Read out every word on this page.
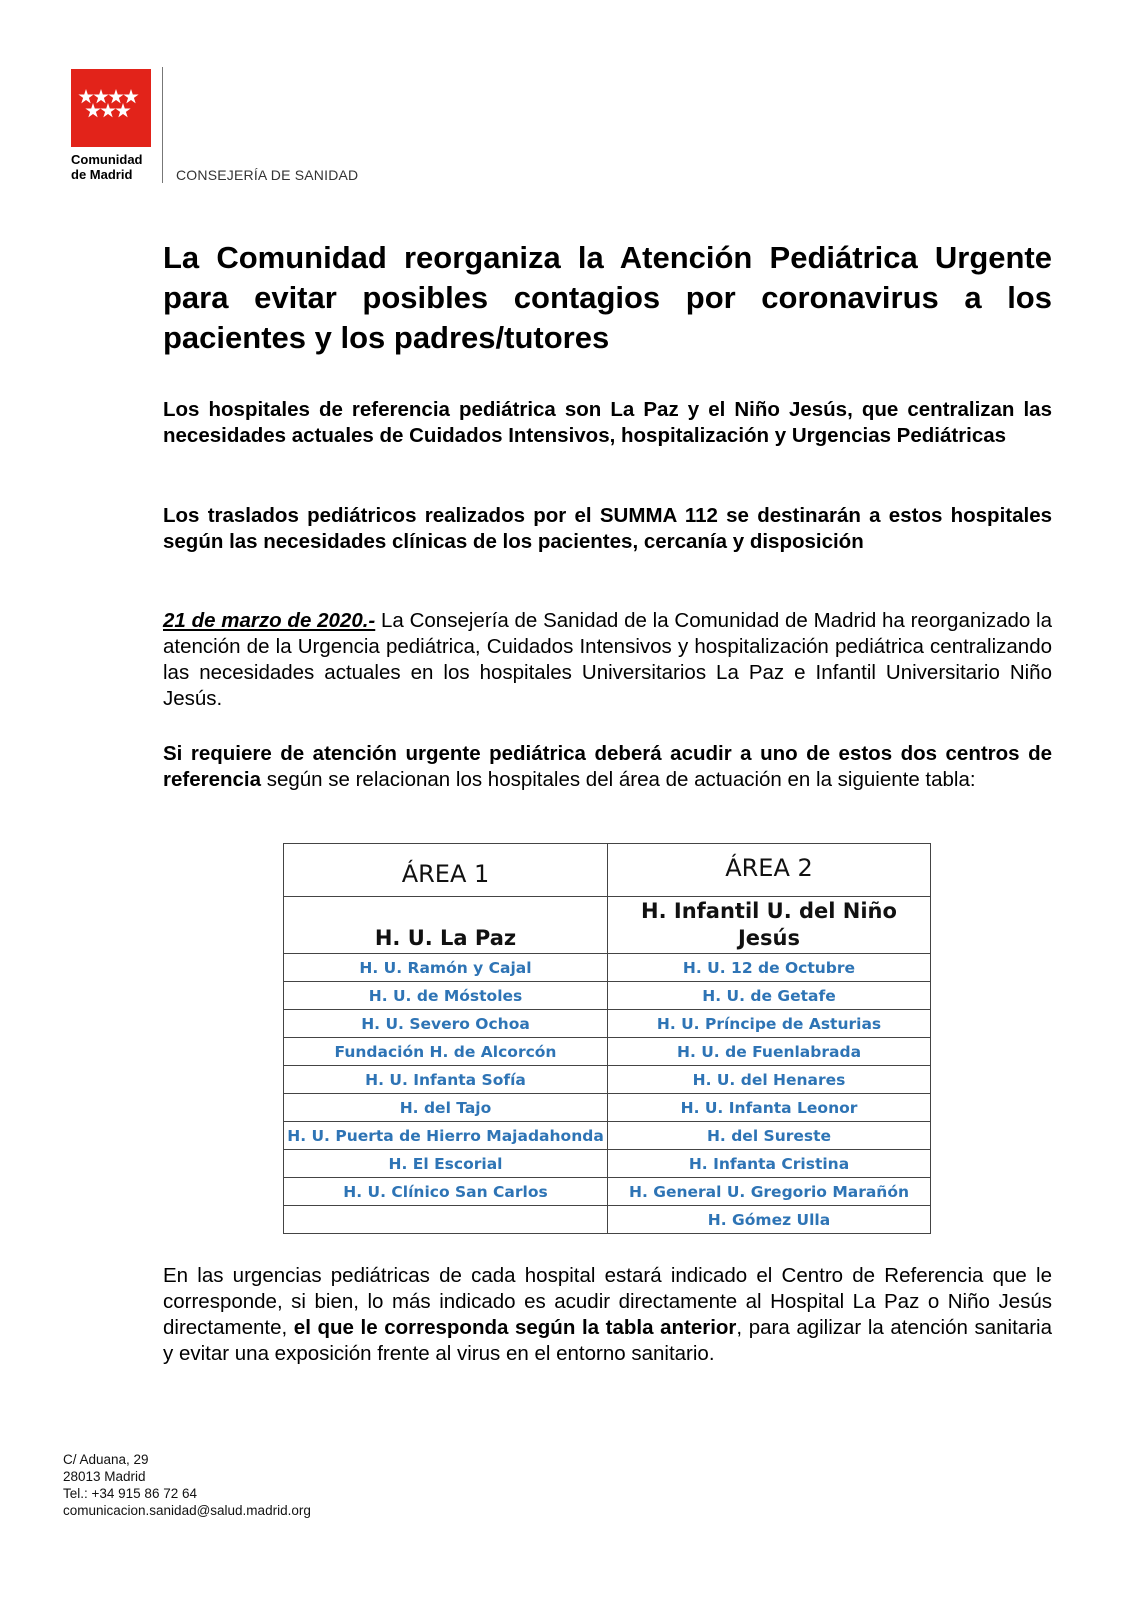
Comunidad
de Madrid	CONSEJERÍA DE SANIDAD
La Comunidad reorganiza la Atención Pediátrica Urgente para evitar posibles contagios por coronavirus a los pacientes y los padres/tutores
Los hospitales de referencia pediátrica son La Paz y el Niño Jesús, que centralizan las necesidades actuales de Cuidados Intensivos, hospitalización y Urgencias Pediátricas
Los traslados pediátricos realizados por el SUMMA 112 se destinarán a estos hospitales según las necesidades clínicas de los pacientes, cercanía y disposición
21 de marzo de 2020.- La Consejería de Sanidad de la Comunidad de Madrid ha reorganizado la atención de la Urgencia pediátrica, Cuidados Intensivos y hospitalización pediátrica centralizando las necesidades actuales en los hospitales Universitarios La Paz e Infantil Universitario Niño Jesús.
Si requiere de atención urgente pediátrica deberá acudir a uno de estos dos centros de referencia según se relacionan los hospitales del área de actuación en la siguiente tabla:
ÁREA 1	ÁREA 2
H. U. La Paz	H. Infantil U. del Niño Jesús
H. U. Ramón y Cajal	H. U. 12 de Octubre
H. U. de Móstoles	H. U. de Getafe
H. U. Severo Ochoa	H. U. Príncipe de Asturias
Fundación H. de Alcorcón	H. U. de Fuenlabrada
H. U. Infanta Sofía	H. U. del Henares
H. del Tajo	H. U. Infanta Leonor
H. U. Puerta de Hierro Majadahonda	H. del Sureste
H. El Escorial	H. Infanta Cristina
H. U. Clínico San Carlos	H. General U. Gregorio Marañón
	H. Gómez Ulla
En las urgencias pediátricas de cada hospital estará indicado el Centro de Referencia que le corresponde, si bien, lo más indicado es acudir directamente al Hospital La Paz o Niño Jesús directamente, el que le corresponda según la tabla anterior, para agilizar la atención sanitaria y evitar una exposición frente al virus en el entorno sanitario.
C/ Aduana, 29
28013 Madrid
Tel.: +34 915 86 72 64
comunicacion.sanidad@salud.madrid.org
